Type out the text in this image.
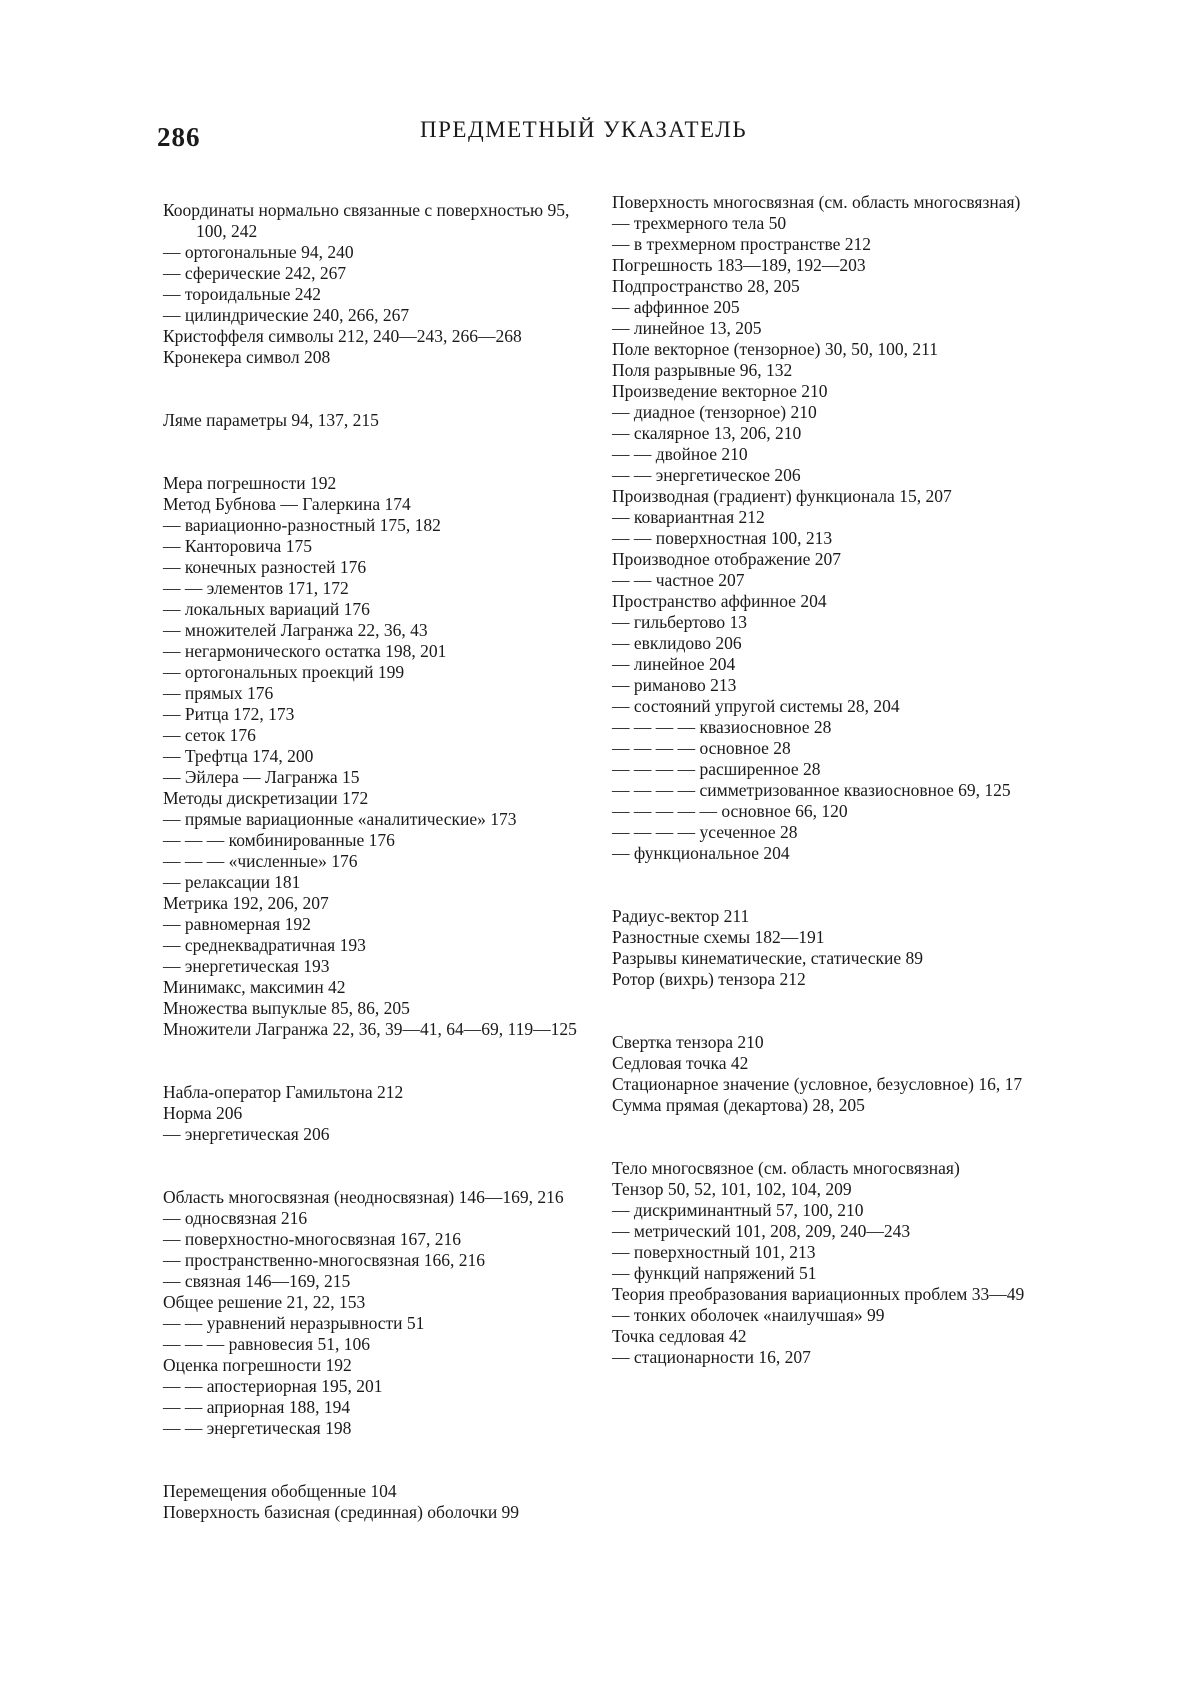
286	ПРЕДМЕТНЫЙ УКАЗАТЕЛЬ

Координаты нормально связанные с поверхностью 95, 100, 242

— ортогональные 94, 240

— сферические 242, 267

— тороидальные 242

— цилиндрические 240, 266, 267

Кристоффеля символы 212, 240—243, 266—268

Кронекера символ 208

Ляме параметры 94, 137, 215

Мера погрешности 192

Метод Бубнова — Галеркина 174

— вариационно-разностный 175, 182

— Канторовича 175

— конечных разностей 176

— — элементов 171, 172

— локальных вариаций 176

— множителей Лагранжа 22, 36, 43

— негармонического остатка 198, 201

— ортогональных проекций 199

— прямых 176

— Ритца 172, 173

— сеток 176

— Трефтца 174, 200

— Эйлера — Лагранжа 15

Методы дискретизации 172

— прямые вариационные «аналитические» 173

— — — комбинированные 176

— — — «численные» 176

— релаксации 181

Метрика 192, 206, 207

— равномерная 192

— среднеквадратичная 193

— энергетическая 193

Минимакс, максимин 42

Множества выпуклые 85, 86, 205

Множители Лагранжа 22, 36, 39—41, 64—69, 119—125

Набла-оператор Гамильтона 212

Норма 206

— энергетическая 206

Область многосвязная (неодносвязная) 146—169, 216

— односвязная 216

— поверхностно-многосвязная 167, 216

— пространственно-многосвязная 166, 216

— связная 146—169, 215

Общее решение 21, 22, 153

— — уравнений неразрывности 51

— — — равновесия 51, 106

Оценка погрешности 192

— — апостериорная 195, 201

— — априорная 188, 194

— — энергетическая 198

Перемещения обобщенные 104

Поверхность базисная (срединная) оболочки 99

Поверхность многосвязная (см. область многосвязная)

— трехмерного тела 50

— в трехмерном пространстве 212

Погрешность 183—189, 192—203

Подпространство 28, 205

— аффинное 205

— линейное 13, 205

Поле векторное (тензорное) 30, 50, 100, 211

Поля разрывные 96, 132

Произведение векторное 210

— диадное (тензорное) 210

— скалярное 13, 206, 210

— — двойное 210

— — энергетическое 206

Производная (градиент) функционала 15, 207

— ковариантная 212

— — поверхностная 100, 213

Производное отображение 207

— — частное 207

Пространство аффинное 204

— гильбертово 13

— евклидово 206

— линейное 204

— риманово 213

— состояний упругой системы 28, 204

— — — — квазиосновное 28

— — — — основное 28

— — — — расширенное 28

— — — — симметризованное квазиосновное 69, 125

— — — — — основное 66, 120

— — — — усеченное 28

— функциональное 204

Радиус-вектор 211

Разностные схемы 182—191

Разрывы кинематические, статические 89

Ротор (вихрь) тензора 212

Свертка тензора 210

Седловая точка 42

Стационарное значение (условное, безусловное) 16, 17

Сумма прямая (декартова) 28, 205

Тело многосвязное (см. область многосвязная)

Тензор 50, 52, 101, 102, 104, 209

— дискриминантный 57, 100, 210

— метрический 101, 208, 209, 240—243

— поверхностный 101, 213

— функций напряжений 51

Теория преобразования вариационных проблем 33—49

— тонких оболочек «наилучшая» 99

Точка седловая 42

— стационарности 16, 207
